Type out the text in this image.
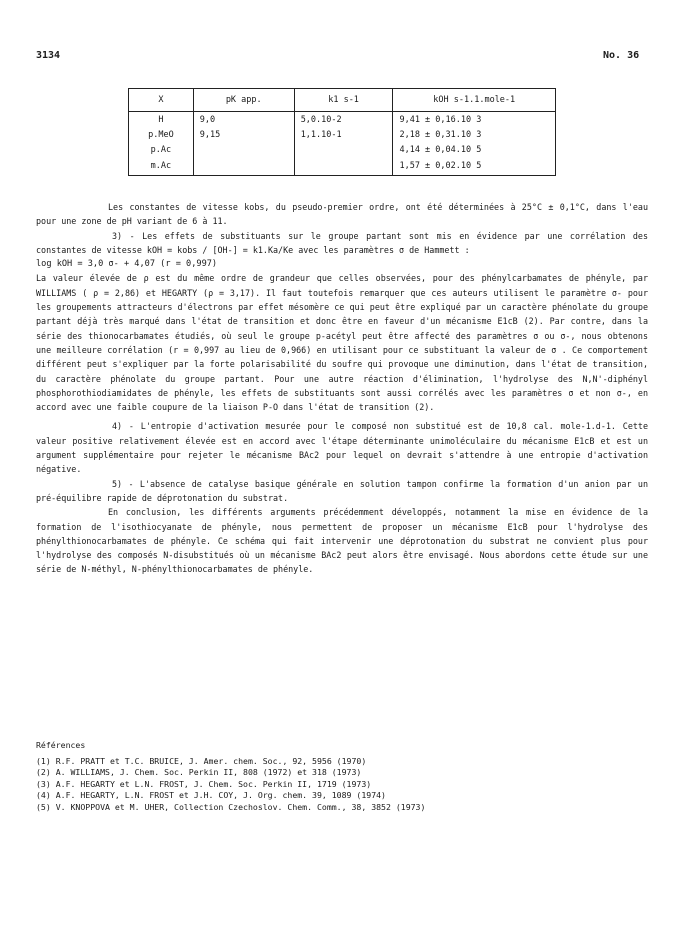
3134	No. 36
X	pK app.	k1 s-1	kOH s-1.1.mole-1
H	9,0	5,0.10-2	9,41 ± 0,16.10 3
p.MeO	9,15	1,1.10-1	2,18 ± 0,31.10 3
p.Ac			4,14 ± 0,04.10 5
m.Ac			1,57 ± 0,02.10 5

Les constantes de vitesse kobs, du pseudo-premier ordre, ont été déterminées à 25°C ± 0,1°C, dans l'eau pour une zone de pH variant de 6 à 11.

3) - Les effets de substituants sur le groupe partant sont mis en évidence par une corrélation des constantes de vitesse kOH = kobs / [OH-] = k1.Ka/Ke avec les paramètres σ de Hammett :

log kOH = 3,0 σ- + 4,07 (r = 0,997)

La valeur élevée de ρ est du même ordre de grandeur que celles observées, pour des phénylcarbamates de phényle, par WILLIAMS ( ρ = 2,86) et HEGARTY (ρ = 3,17). Il faut toutefois remarquer que ces auteurs utilisent le paramètre σ- pour les groupements attracteurs d'électrons par effet mésomère ce qui peut être expliqué par un caractère phénolate du groupe partant déjà très marqué dans l'état de transition et donc être en faveur d'un mécanisme E1cB (2). Par contre, dans la série des thionocarbamates étudiés, où seul le groupe p-acétyl peut être affecté des paramètres σ ou σ-, nous obtenons une meilleure corrélation (r = 0,997 au lieu de 0,966) en utilisant pour ce substituant la valeur de σ . Ce comportement différent peut s'expliquer par la forte polarisabilité du soufre qui provoque une diminution, dans l'état de transition, du caractère phénolate du groupe partant. Pour une autre réaction d'élimination, l'hydrolyse des N,N'-diphényl phosphorothiodiamidates de phényle, les effets de substituants sont aussi corrélés avec les paramètres σ et non σ-, en accord avec une faible coupure de la liaison P-O dans l'état de transition (2).

4) - L'entropie d'activation mesurée pour le composé non substitué est de 10,8 cal. mole-1.d-1. Cette valeur positive relativement élevée est en accord avec l'étape déterminante unimoléculaire du mécanisme E1cB et est un argument supplémentaire pour rejeter le mécanisme BAc2 pour lequel on devrait s'attendre à une entropie d'activation négative.

5) - L'absence de catalyse basique générale en solution tampon confirme la formation d'un anion par un pré-équilibre rapide de déprotonation du substrat.

En conclusion, les différents arguments précédemment développés, notamment la mise en évidence de la formation de l'isothiocyanate de phényle, nous permettent de proposer un mécanisme E1cB pour l'hydrolyse des phénylthionocarbamates de phényle. Ce schéma qui fait intervenir une déprotonation du substrat ne convient plus pour l'hydrolyse des composés N-disubstitués où un mécanisme BAc2 peut alors être envisagé. Nous abordons cette étude sur une série de N-méthyl, N-phénylthionocarbamates de phényle.

Références
(1) R.F. PRATT et T.C. BRUICE, J. Amer. chem. Soc., 92, 5956 (1970)
(2) A. WILLIAMS, J. Chem. Soc. Perkin II, 808 (1972) et 318 (1973)
(3) A.F. HEGARTY et L.N. FROST, J. Chem. Soc. Perkin II, 1719 (1973)
(4) A.F. HEGARTY, L.N. FROST et J.H. COY, J. Org. chem. 39, 1089 (1974)
(5) V. KNOPPOVA et M. UHER, Collection Czechoslov. Chem. Comm., 38, 3852 (1973)
